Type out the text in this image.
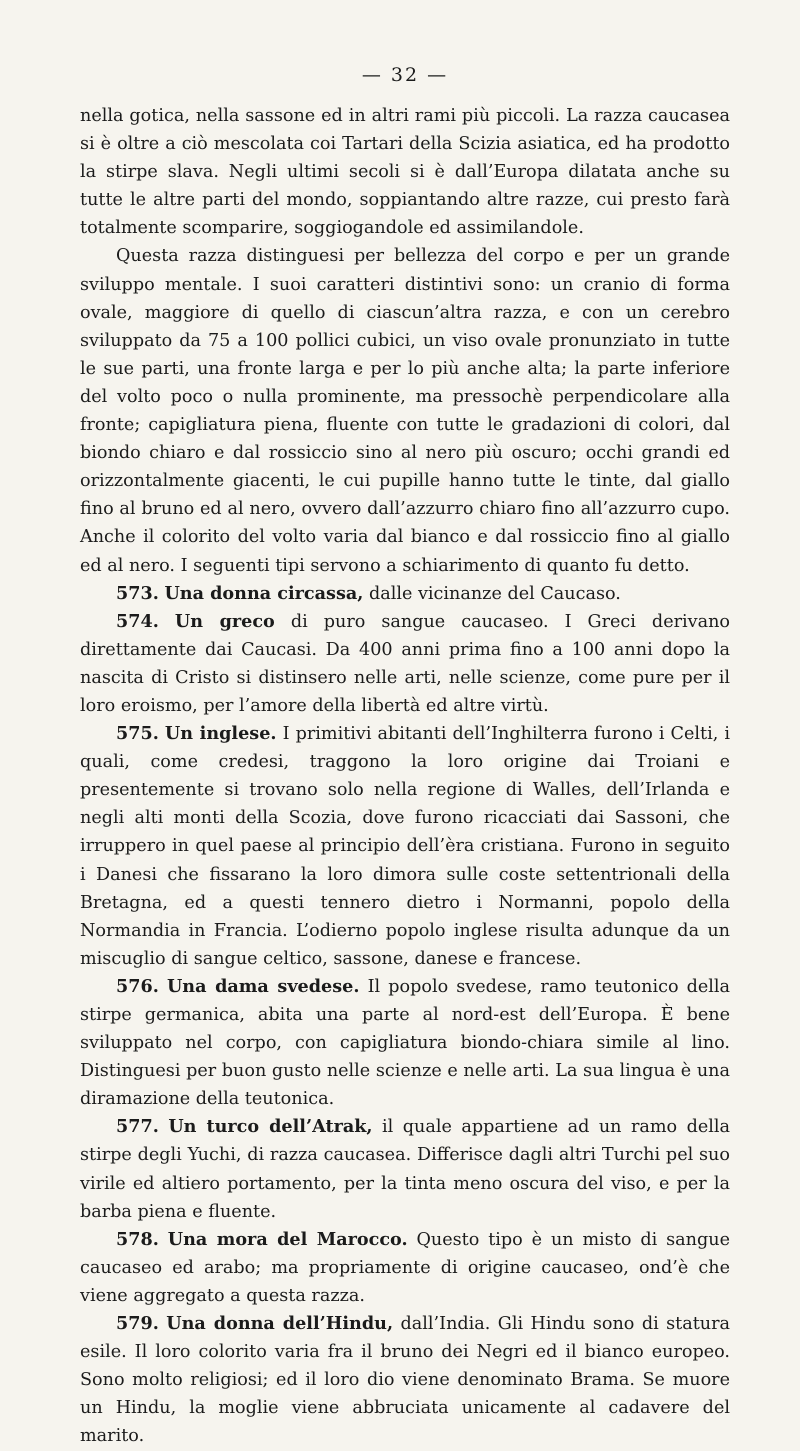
— 32 —

nella gotica, nella sassone ed in altri rami più piccoli. La razza caucasea si è oltre a ciò mescolata coi Tartari della Scizia asiatica, ed ha prodotto la stirpe slava. Negli ultimi secoli si è dall’Europa dilatata anche su tutte le altre parti del mondo, soppiantando altre razze, cui presto farà totalmente scomparire, soggiogandole ed assimilandole.

Questa razza distinguesi per bellezza del corpo e per un grande sviluppo mentale. I suoi caratteri distintivi sono: un cranio di forma ovale, maggiore di quello di ciascun’altra razza, e con un cerebro sviluppato da 75 a 100 pollici cubici, un viso ovale pronunziato in tutte le sue parti, una fronte larga e per lo più anche alta; la parte inferiore del volto poco o nulla prominente, ma pressochè perpendicolare alla fronte; capigliatura piena, fluente con tutte le gradazioni di colori, dal biondo chiaro e dal rossiccio sino al nero più oscuro; occhi grandi ed orizzontalmente giacenti, le cui pupille hanno tutte le tinte, dal giallo fino al bruno ed al nero, ovvero dall’azzurro chiaro fino all’azzurro cupo. Anche il colorito del volto varia dal bianco e dal rossiccio fino al giallo ed al nero. I seguenti tipi servono a schiarimento di quanto fu detto.

573. Una donna circassa, dalle vicinanze del Caucaso.

574. Un greco di puro sangue caucaseo. I Greci derivano direttamente dai Caucasi. Da 400 anni prima fino a 100 anni dopo la nascita di Cristo si distinsero nelle arti, nelle scienze, come pure per il loro eroismo, per l’amore della libertà ed altre virtù.

575. Un inglese. I primitivi abitanti dell’Inghilterra furono i Celti, i quali, come credesi, traggono la loro origine dai Troiani e presentemente si trovano solo nella regione di Walles, dell’Irlanda e negli alti monti della Scozia, dove furono ricacciati dai Sassoni, che irruppero in quel paese al principio dell’èra cristiana. Furono in seguito i Danesi che fissarano la loro dimora sulle coste settentrionali della Bretagna, ed a questi tennero dietro i Normanni, popolo della Normandia in Francia. L’odierno popolo inglese risulta adunque da un miscuglio di sangue celtico, sassone, danese e francese.

576. Una dama svedese. Il popolo svedese, ramo teutonico della stirpe germanica, abita una parte al nord-est dell’Europa. È bene sviluppato nel corpo, con capigliatura biondo-chiara simile al lino. Distinguesi per buon gusto nelle scienze e nelle arti. La sua lingua è una diramazione della teutonica.

577. Un turco dell’Atrak, il quale appartiene ad un ramo della stirpe degli Yuchi, di razza caucasea. Differisce dagli altri Turchi pel suo virile ed altiero portamento, per la tinta meno oscura del viso, e per la barba piena e fluente.

578. Una mora del Marocco. Questo tipo è un misto di sangue caucaseo ed arabo; ma propriamente di origine caucaseo, ond’è che viene aggregato a questa razza.

579. Una donna dell’Hindu, dall’India. Gli Hindu sono di statura esile. Il loro colorito varia fra il bruno dei Negri ed il bianco europeo. Sono molto religiosi; ed il loro dio viene denominato Brama. Se muore un Hindu, la moglie viene abbruciata unicamente al cadavere del marito.
